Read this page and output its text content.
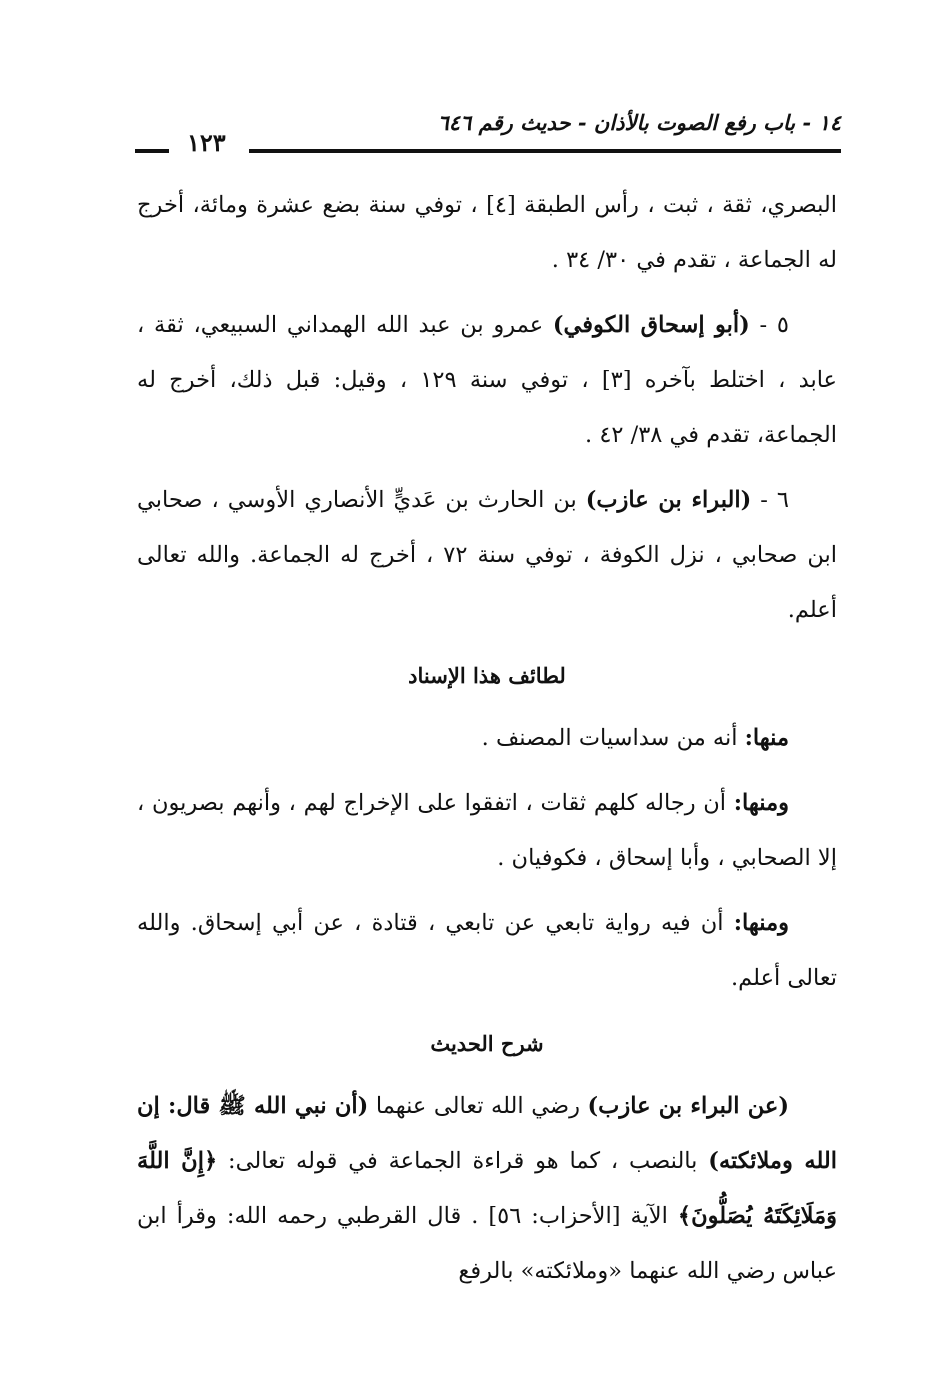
١٤ - باب رفع الصوت بالأذان - حديث رقم ٦٤٦
١٢٣

البصري، ثقة ، ثبت ، رأس الطبقة [٤] ، توفي سنة بضع عشرة ومائة، أخرج له الجماعة ، تقدم في ٣٠/ ٣٤ .

٥ - (أبو إسحاق الكوفي) عمرو بن عبد الله الهمداني السبيعي، ثقة ، عابد ، اختلط بآخره [٣] ، توفي سنة ١٢٩ ، وقيل: قبل ذلك، أخرج له الجماعة، تقدم في ٣٨/ ٤٢ .

٦ - (البراء بن عازب) بن الحارث بن عَديٍّ الأنصاري الأوسي ، صحابي ابن صحابي ، نزل الكوفة ، توفي سنة ٧٢ ، أخرج له الجماعة. والله تعالى أعلم.

لطائف هذا الإسناد

منها: أنه من سداسيات المصنف .

ومنها: أن رجاله كلهم ثقات ، اتفقوا على الإخراج لهم ، وأنهم بصريون ، إلا الصحابي ، وأبا إسحاق ، فكوفيان .

ومنها: أن فيه رواية تابعي عن تابعي ، قتادة ، عن أبي إسحاق. والله تعالى أعلم.

شرح الحديث

(عن البراء بن عازب) رضي الله تعالى عنهما (أن نبي الله ﷺ قال: إن الله وملائكته) بالنصب ، كما هو قراءة الجماعة في قوله تعالى: ﴿إِنَّ اللَّهَ وَمَلَائِكَتَهُ يُصَلُّونَ﴾ الآية [الأحزاب: ٥٦] . قال القرطبي رحمه الله: وقرأ ابن عباس رضي الله عنهما «وملائكته» بالرفع
